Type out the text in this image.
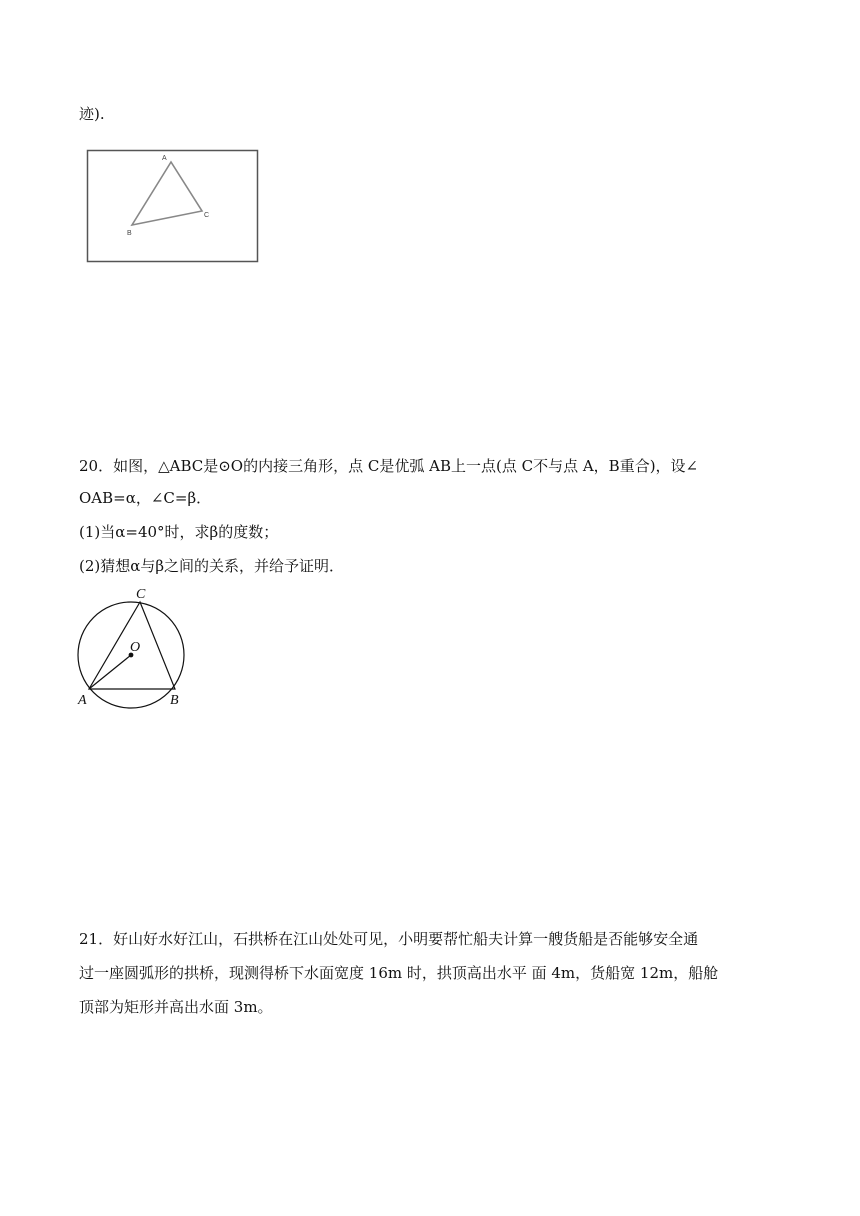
迹).
A
B
C
20．如图，△ABC是⊙O的内接三角形，点 C是优弧 AB上一点(点 C不与点 A，B重合)，设∠
OAB=α，∠C=β．
(1)当α=40°时，求β的度数；
(2)猜想α与β之间的关系，并给予证明．
C
O
A	B
21．好山好水好江山，石拱桥在江山处处可见，小明要帮忙船夫计算一艘货船是否能够安全通
过一座圆弧形的拱桥，现测得桥下水面宽度 16m 时，拱顶高出水平 面 4m，货船宽 12m，船舱
顶部为矩形并高出水面 3m。
